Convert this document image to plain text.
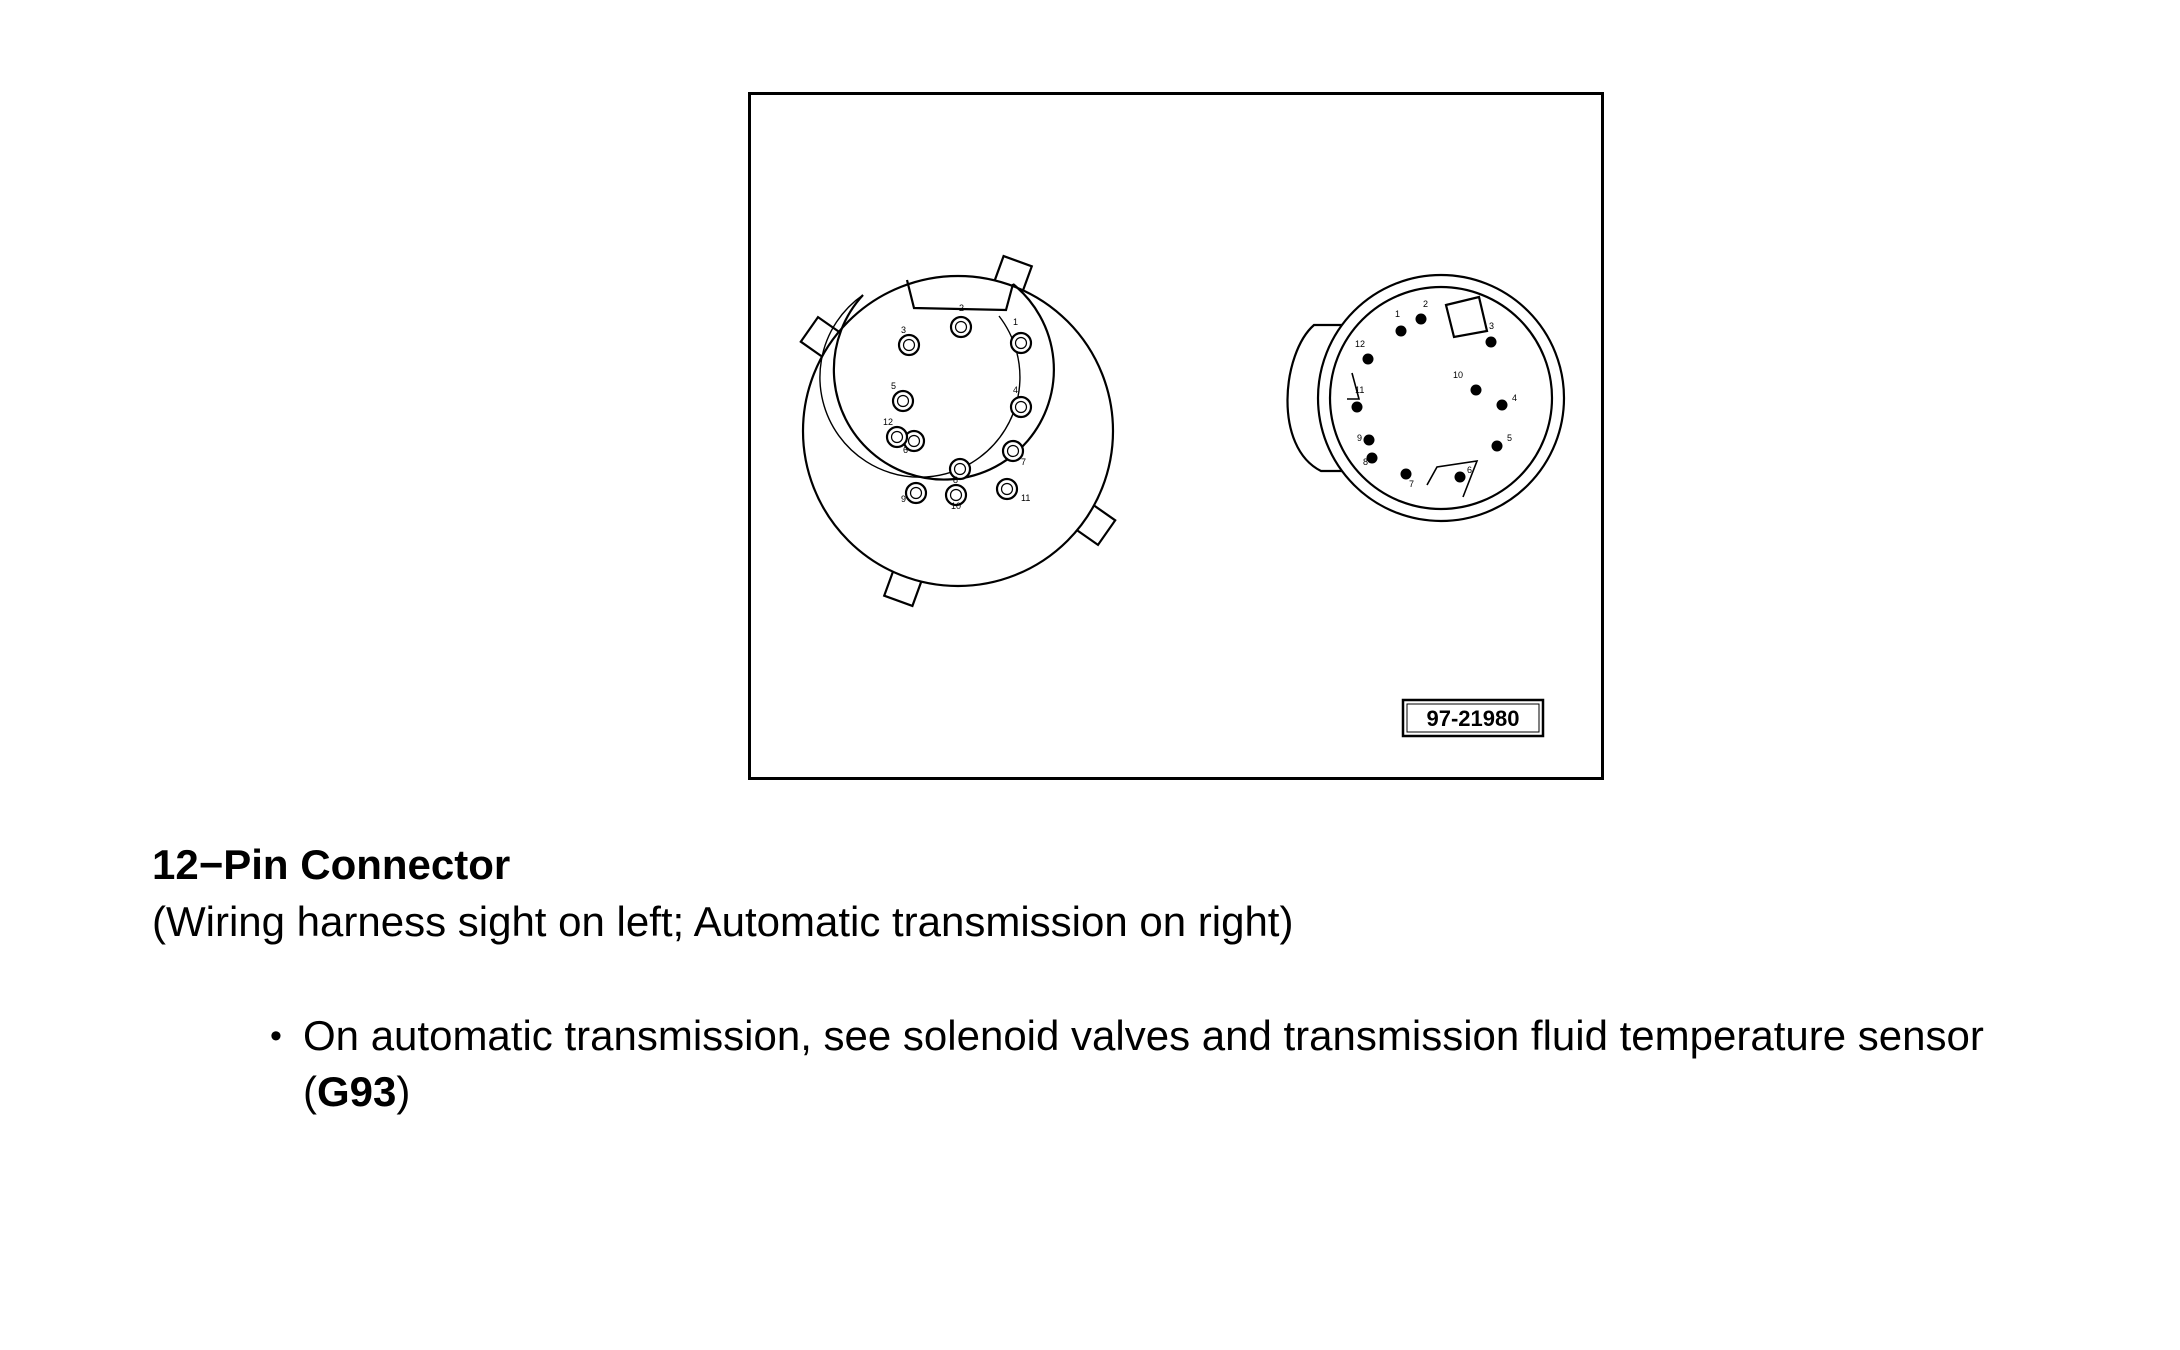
1
2
3
4
5
6
7
8
9
10
11
12
1
2
3
4
5
6
7
8
9
10
11
12
97-21980
12−Pin Connector
(Wiring harness sight on left; Automatic transmission on right)
• On automatic transmission, see solenoid valves and transmission fluid temperature sensor
(G93)
